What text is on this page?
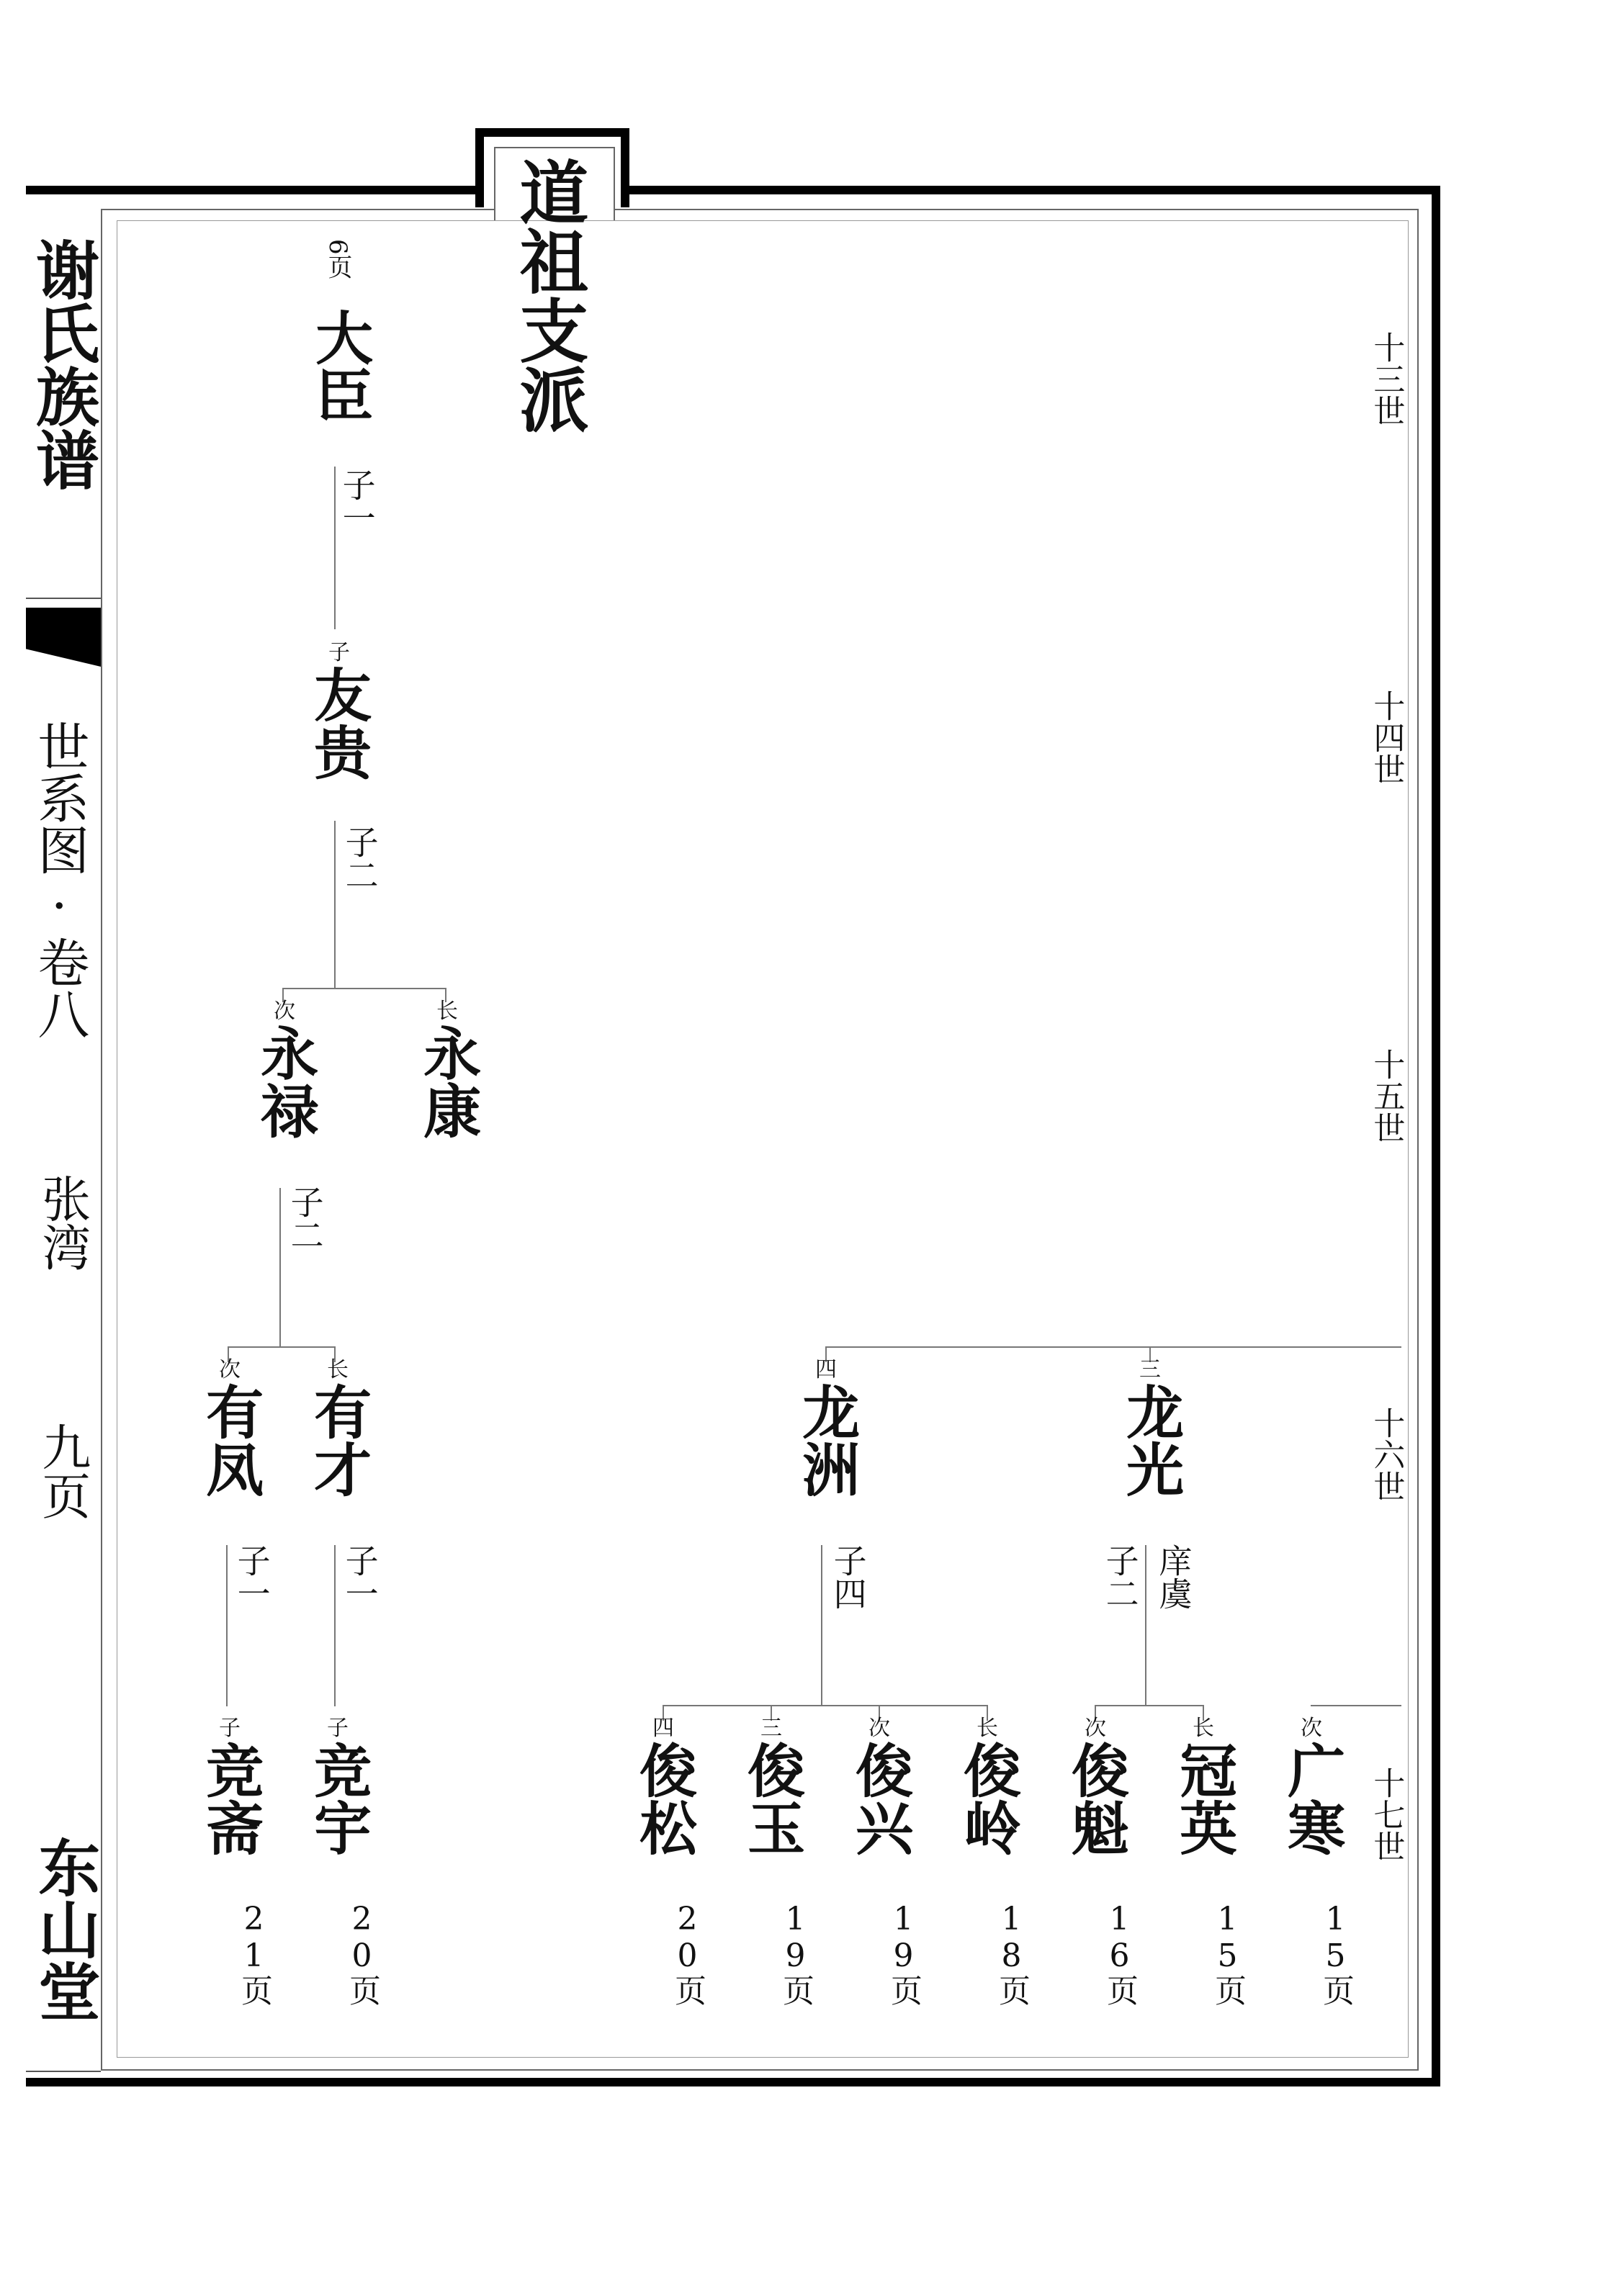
道祖支派
谢氏族谱
世系图·卷八
张湾
九页
东山堂
十三世
十四世
十五世
十六世
十七世
6页
大臣
子一
子
友贵
子二
次
永禄
子二
长
永康
次
有凤
子一
长
有才
子一
四
龙洲
子四
三
龙光
子二 庠虞
子
竞斋
21页
子
竞宇
20页
四
俊松
20页
三
俊玉
19页
次
俊兴
19页
长
俊岭
18页
次
俊魁
16页
长
冠英
15页
次
广寒
15页
